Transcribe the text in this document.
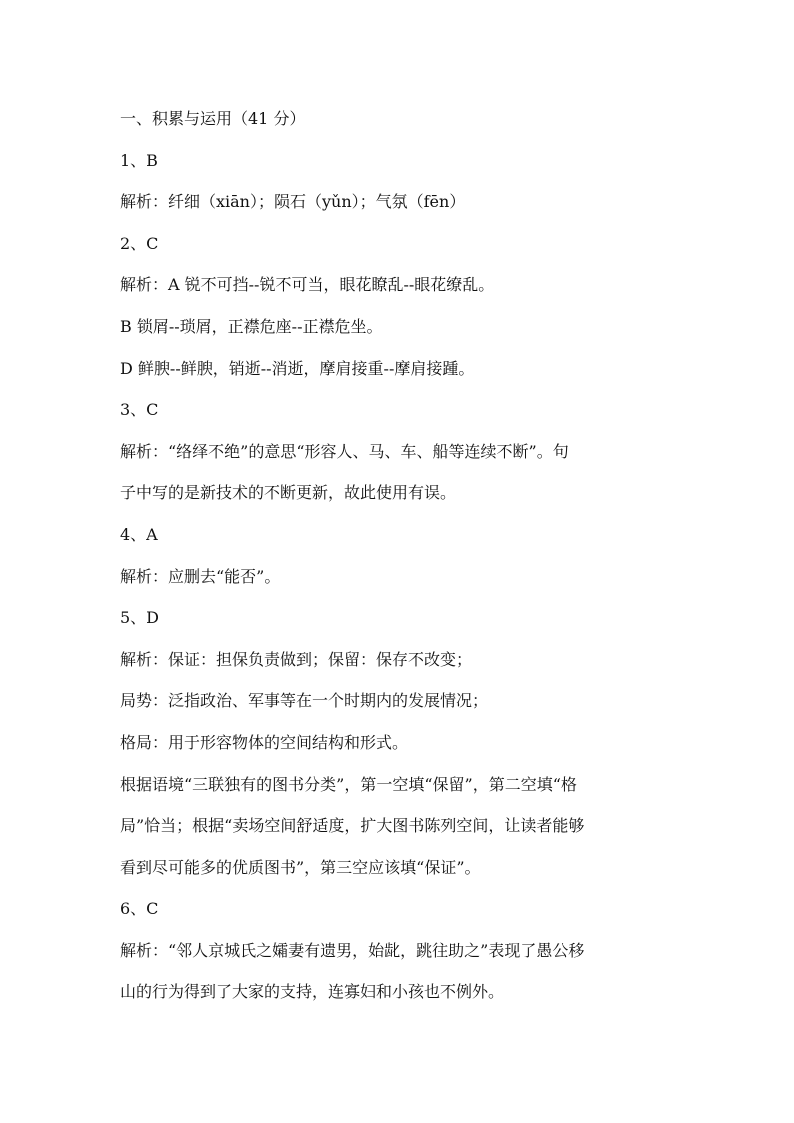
一、积累与运用（41 分）
1、B
解析：纤细（xiān）；陨石（yǔn）；气氛（fēn）
2、C
解析：A 锐不可挡--锐不可当，眼花瞭乱--眼花缭乱。
B 锁屑--琐屑，正襟危座--正襟危坐。
D 鲜腴--鲜腴，销逝--消逝，摩肩接重--摩肩接踵。
3、C
解析：“络绎不绝”的意思“形容人、马、车、船等连续不断”。句
子中写的是新技术的不断更新，故此使用有误。
4、A
解析：应删去“能否”。
5、D
解析：保证：担保负责做到；保留：保存不改变；
局势：泛指政治、军事等在一个时期内的发展情况；
格局：用于形容物体的空间结构和形式。
根据语境“三联独有的图书分类”，第一空填“保留”，第二空填“格
局”恰当；根据“卖场空间舒适度，扩大图书陈列空间，让读者能够
看到尽可能多的优质图书”，第三空应该填“保证”。
6、C
解析：“邻人京城氏之孀妻有遗男，始龀，跳往助之”表现了愚公移
山的行为得到了大家的支持，连寡妇和小孩也不例外。
